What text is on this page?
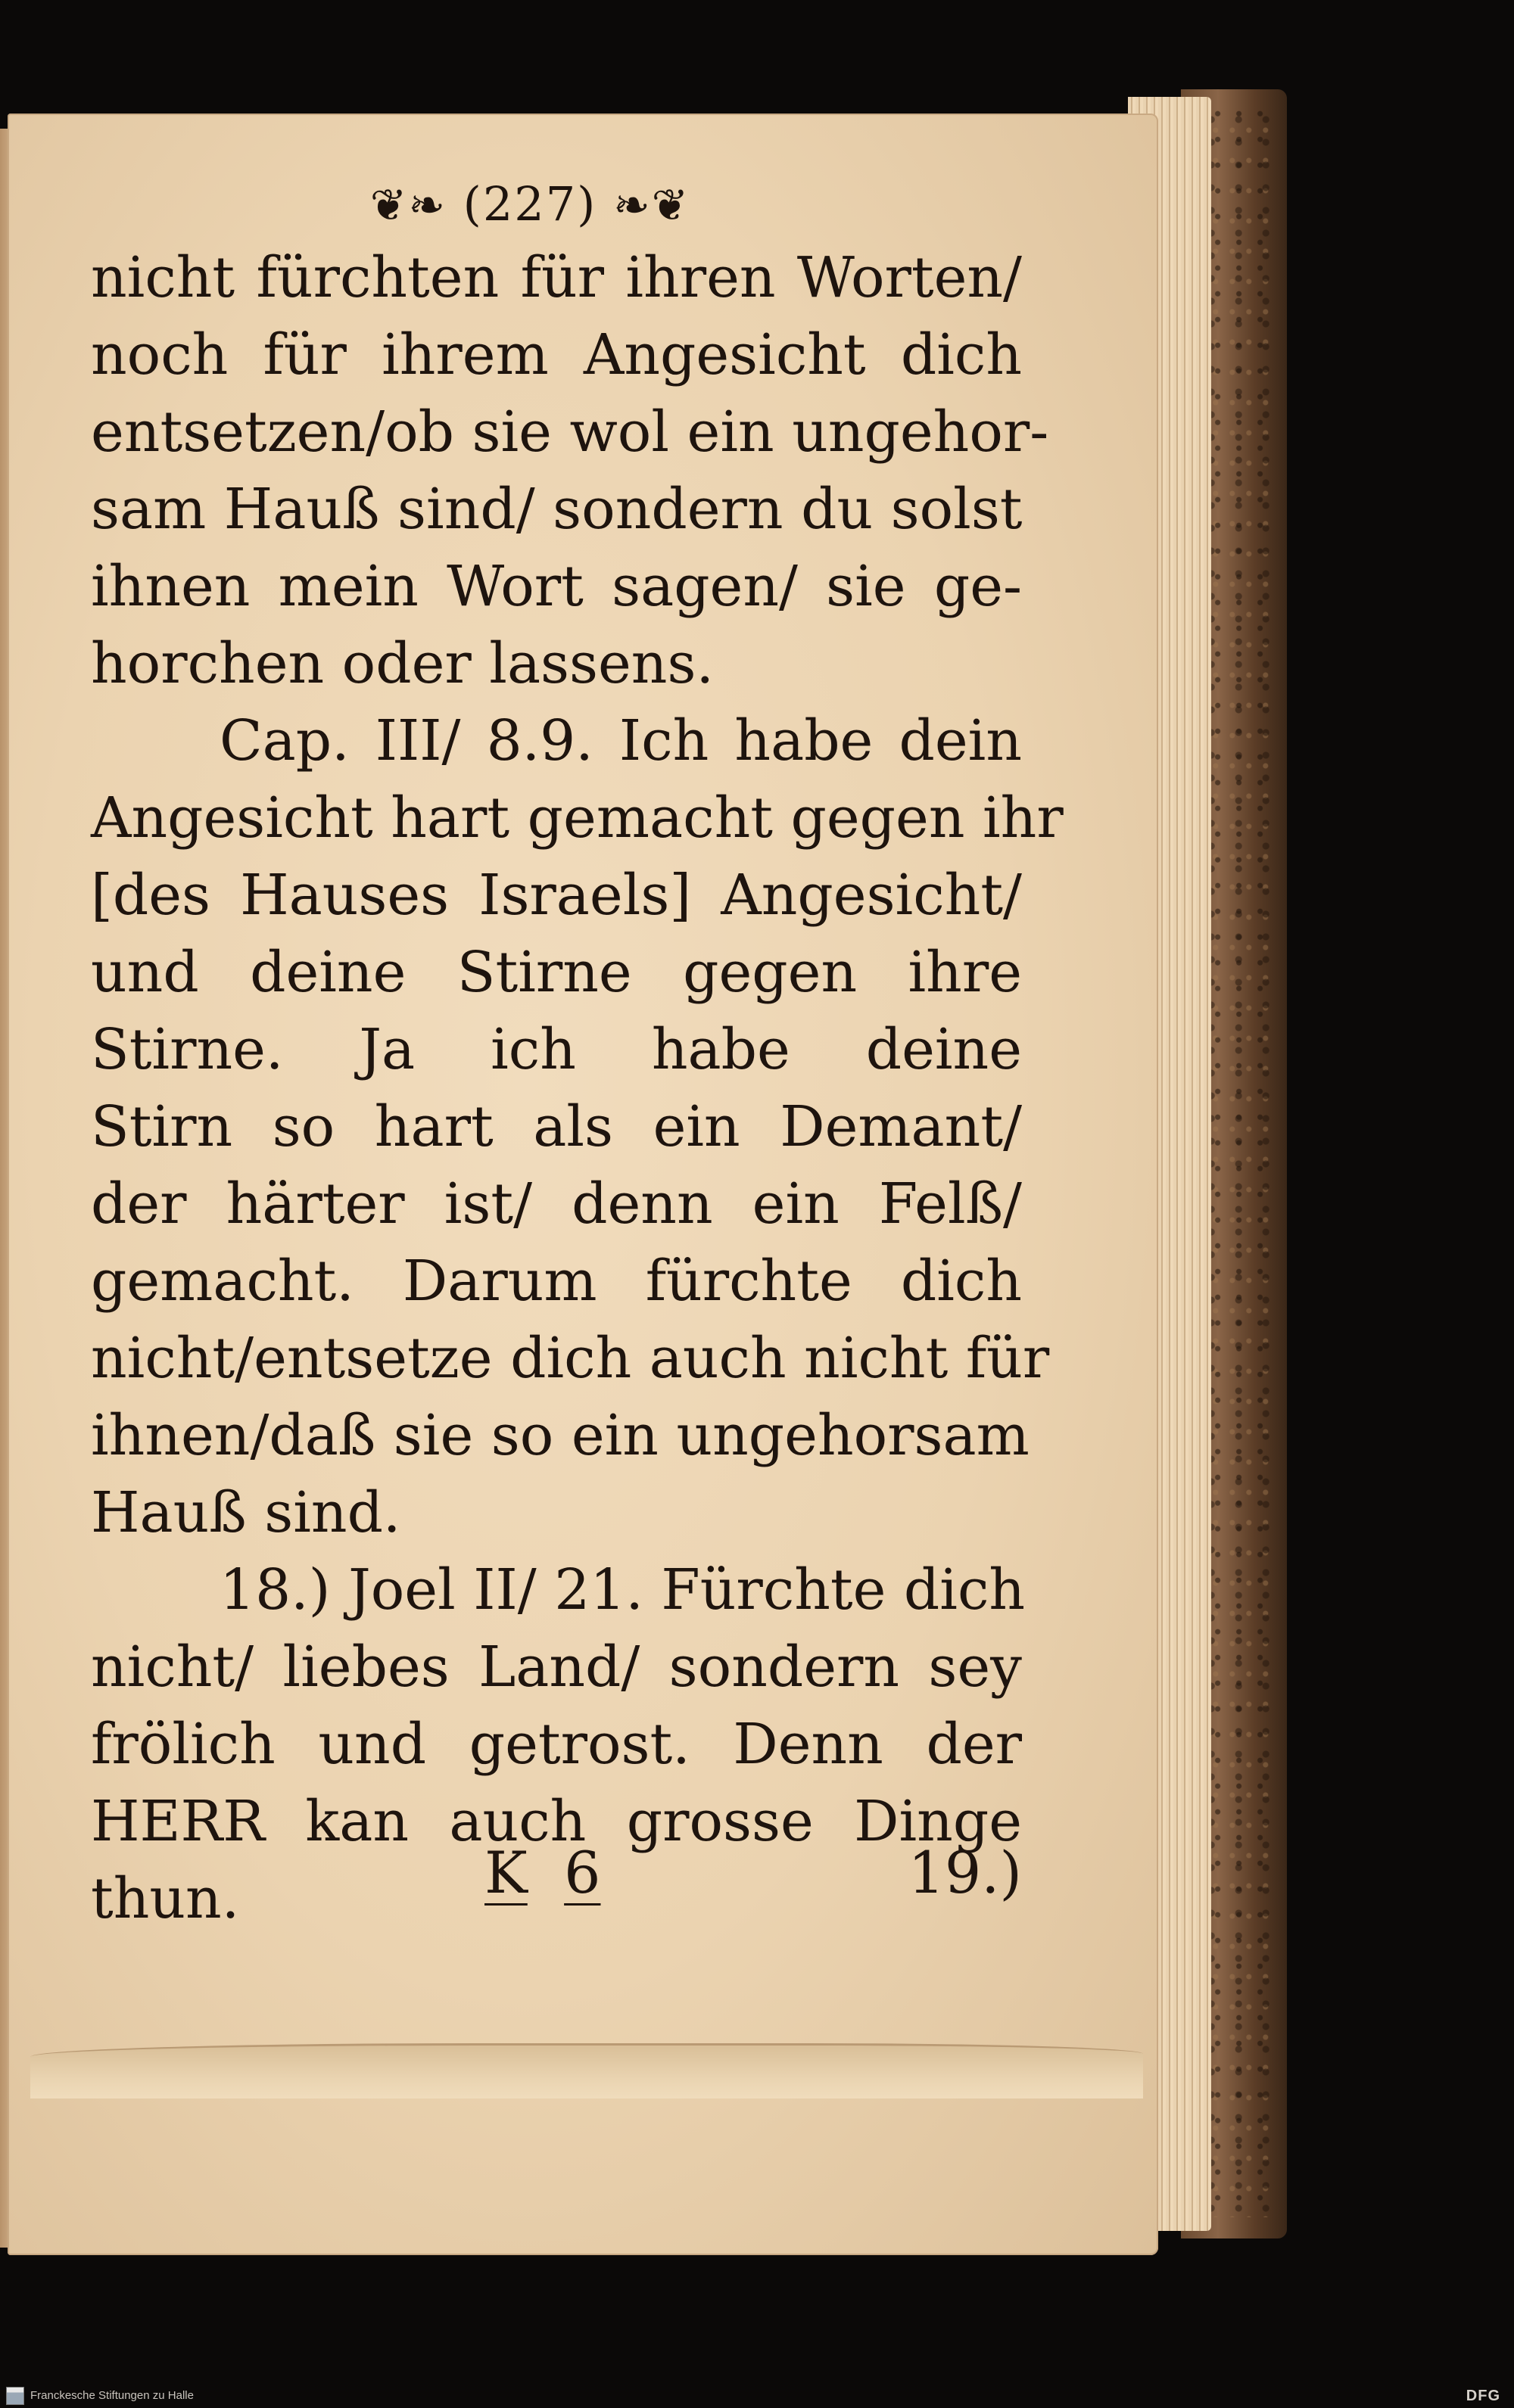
❦❧ (227) ❧❦
nicht fürchten für ihren Worten/
noch für ihrem Angesicht dich
entsetzen/ob sie wol ein ungehor-
sam Hauß sind/ sondern du solst
ihnen mein Wort sagen/ sie ge-
horchen oder lassens.
Cap. III/ 8.9. Ich habe dein
Angesicht hart gemacht gegen ihr
[des Hauses Israels] Angesicht/
und deine Stirne gegen ihre
Stirne. Ja ich habe deine
Stirn so hart als ein Demant/
der härter ist/ denn ein Felß/
gemacht. Darum fürchte dich
nicht/entsetze dich auch nicht für
ihnen/daß sie so ein ungehorsam
Hauß sind.
18.) Joel II/ 21. Fürchte dich
nicht/ liebes Land/ sondern sey
frölich und getrost. Denn der
HERR kan auch grosse Dinge
thun.	K 6	19.)
Franckesche Stiftungen zu Halle	DFG
